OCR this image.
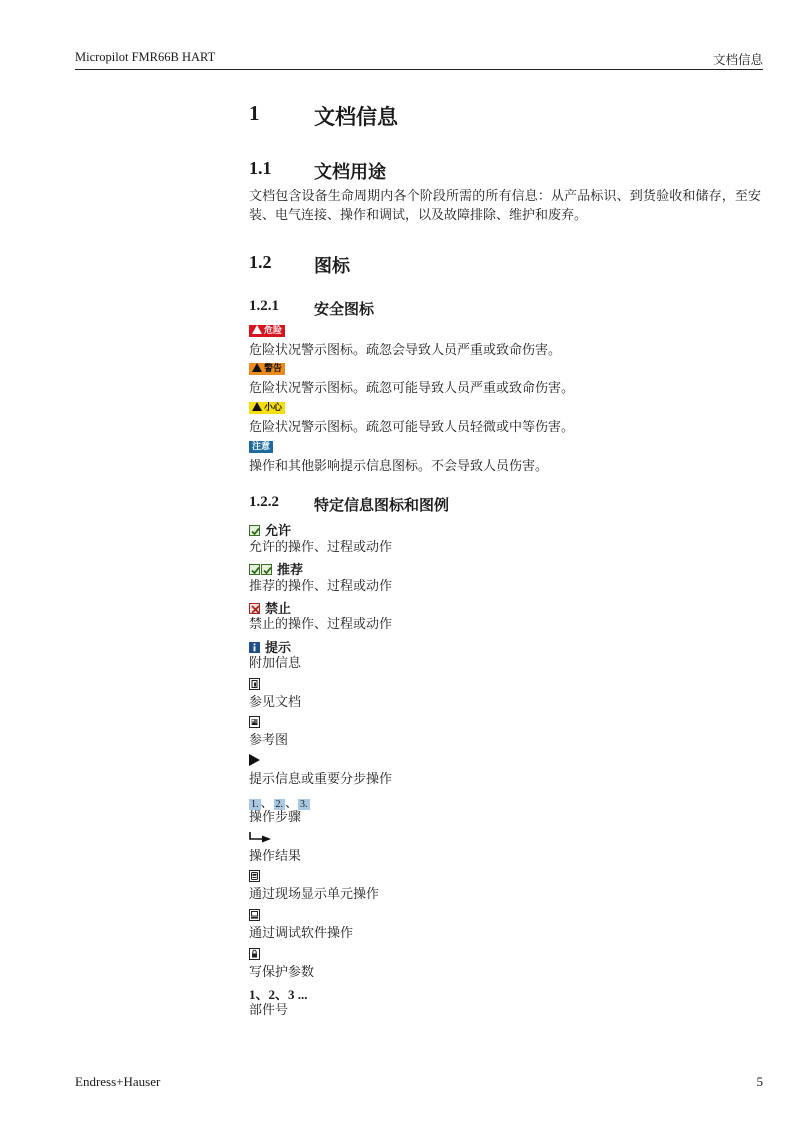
Micropilot FMR66B HART	文档信息
1	文档信息
1.1 文档用途
文档包含设备生命周期内各个阶段所需的所有信息：从产品标识、到货验收和储存，至安装、电气连接、操作和调试，以及故障排除、维护和废弃。
1.2 图标
1.2.1 安全图标
危险
危险状况警示图标。疏忽会导致人员严重或致命伤害。
警告
危险状况警示图标。疏忽可能导致人员严重或致命伤害。
小心
危险状况警示图标。疏忽可能导致人员轻微或中等伤害。
注意
操作和其他影响提示信息图标。不会导致人员伤害。
1.2.2 特定信息图标和图例
允许
允许的操作、过程或动作
推荐
推荐的操作、过程或动作
禁止
禁止的操作、过程或动作
提示
附加信息
参见文档
参考图
提示信息或重要分步操作
1. 、 2. 、 3.
操作步骤
操作结果
通过现场显示单元操作
通过调试软件操作
写保护参数
1、2、3 ...
部件号
Endress+Hauser	5
